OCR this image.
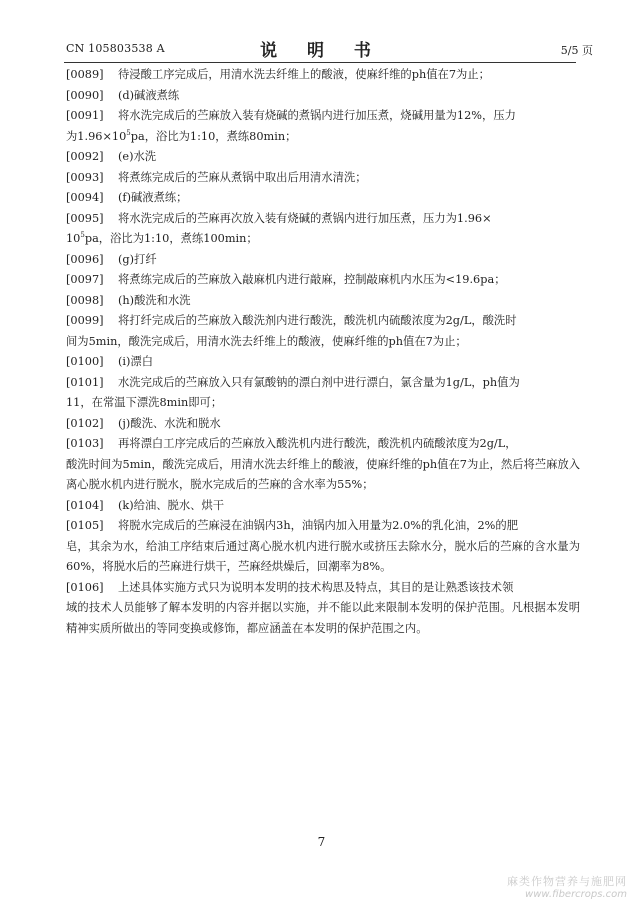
CN 105803538 A	说 明 书	5/5 页
[0089]	待浸酸工序完成后，用清水洗去纤维上的酸液，使麻纤维的ph值在7为止；
[0090]	(d)碱液煮练
[0091]	将水洗完成后的苎麻放入装有烧碱的煮锅内进行加压煮，烧碱用量为12%，压力
为$1.96\times 10^5pa$，浴比为1:10，煮练80min；
[0092]	(e)水洗
[0093]	将煮练完成后的苎麻从煮锅中取出后用清水清洗；
[0094]	(f)碱液煮练；
[0095]	将水洗完成后的苎麻再次放入装有烧碱的煮锅内进行加压煮，压力为1.96×
$10^5pa$，浴比为1:10，煮练100min；
[0096]	(g)打纤
[0097]	将煮练完成后的苎麻放入敲麻机内进行敲麻，控制敲麻机内水压为<19.6pa；
[0098]	(h)酸洗和水洗
[0099]	将打纤完成后的苎麻放入酸洗剂内进行酸洗，酸洗机内硫酸浓度为2g/L，酸洗时
间为5min，酸洗完成后，用清水洗去纤维上的酸液，使麻纤维的ph值在7为止；
[0100]	(i)漂白
[0101]	水洗完成后的苎麻放入只有氯酸钠的漂白剂中进行漂白，氯含量为1g/L，ph值为
11，在常温下漂洗8min即可；
[0102]	(j)酸洗、水洗和脱水
[0103]	再将漂白工序完成后的苎麻放入酸洗机内进行酸洗，酸洗机内硫酸浓度为2g/L，
酸洗时间为5min，酸洗完成后，用清水洗去纤维上的酸液，使麻纤维的ph值在7为止，然后将苎麻放入离心脱水机内进行脱水，脱水完成后的苎麻的含水率为55%；
[0104]	(k)给油、脱水、烘干
[0105]	将脱水完成后的苎麻浸在油锅内3h，油锅内加入用量为2.0%的乳化油，2%的肥
皂，其余为水，给油工序结束后通过离心脱水机内进行脱水或挤压去除水分，脱水后的苎麻的含水量为60%，将脱水后的苎麻进行烘干，苎麻经烘燥后，回潮率为8%。
[0106]	上述具体实施方式只为说明本发明的技术构思及特点，其目的是让熟悉该技术领
域的技术人员能够了解本发明的内容并据以实施，并不能以此来限制本发明的保护范围。凡根据本发明精神实质所做出的等同变换或修饰，都应涵盖在本发明的保护范围之内。
7
麻类作物营养与施肥网
www.fibercrops.com
